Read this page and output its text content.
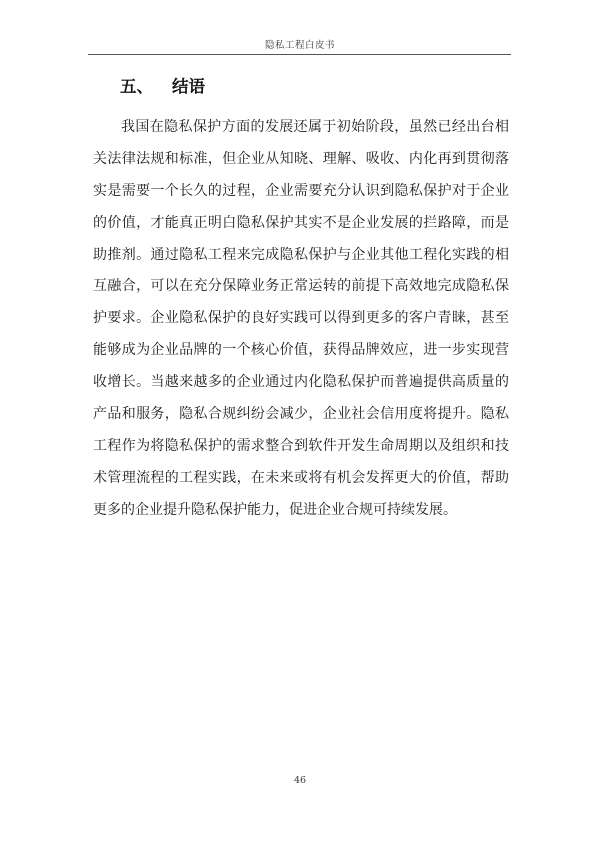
隐私工程白皮书
五、 结语
我国在隐私保护方面的发展还属于初始阶段，虽然已经出台相
关法律法规和标准，但企业从知晓、理解、吸收、内化再到贯彻落
实是需要一个长久的过程，企业需要充分认识到隐私保护对于企业
的价值，才能真正明白隐私保护其实不是企业发展的拦路障，而是
助推剂。通过隐私工程来完成隐私保护与企业其他工程化实践的相
互融合，可以在充分保障业务正常运转的前提下高效地完成隐私保
护要求。企业隐私保护的良好实践可以得到更多的客户青睐，甚至
能够成为企业品牌的一个核心价值，获得品牌效应，进一步实现营
收增长。当越来越多的企业通过内化隐私保护而普遍提供高质量的
产品和服务，隐私合规纠纷会减少，企业社会信用度将提升。隐私
工程作为将隐私保护的需求整合到软件开发生命周期以及组织和技
术管理流程的工程实践，在未来或将有机会发挥更大的价值，帮助
更多的企业提升隐私保护能力，促进企业合规可持续发展。
46
